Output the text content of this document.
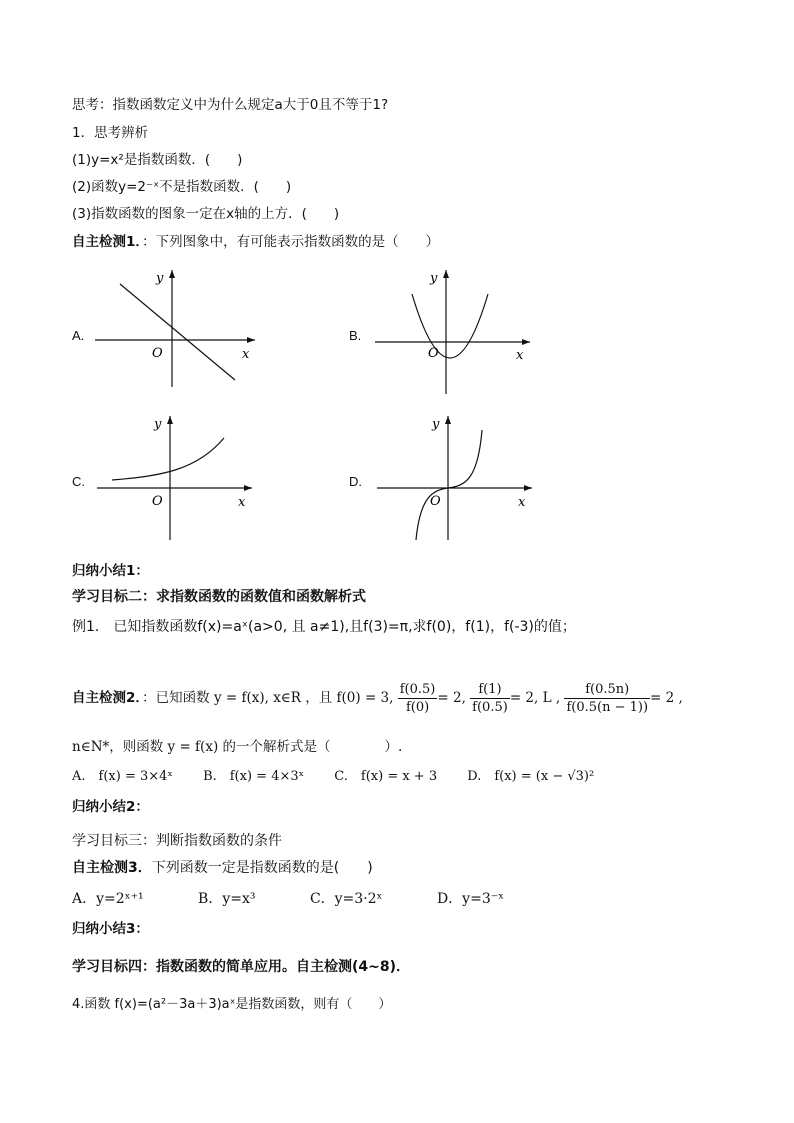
思考：指数函数定义中为什么规定a大于0且不等于1?
1．思考辨析
(1)y=x²是指数函数．(　　)
(2)函数y=2⁻ˣ不是指数函数．(　　)
(3)指数函数的图象一定在x轴的上方．(　　)
自主检测1．：下列图象中，有可能表示指数函数的是（　　）
A.
y
x
O
B.
y
x
O
C.
y
x
O
D.
y
x
O
归纳小结1：
学习目标二：求指数函数的函数值和函数解析式
例1.　已知指数函数f(x)=aˣ(a>0, 且 a≠1),且f(3)=π,求f(0)，f(1)，f(-3)的值；
自主检测2．：已知函数 y = f(x), x∈R ，且 f(0) = 3, $\frac{f(0.5)}{f(0)} = 2$, $\frac{f(1)}{f(0.5)} = 2$, L , $\frac{f(0.5n)}{f(0.5(n - 1))} = 2$ ,
n∈N*，则函数 y = f(x) 的一个解析式是（　　　　）.
A.　f(x) = 3×4ˣ B.　f(x) = 4×3ˣ C.　f(x) = x + 3 D.　f(x) = (x − √3)²
归纳小结2：
学习目标三：判断指数函数的条件
自主检测3．下列函数一定是指数函数的是(　　)
A．y=2ˣ⁺¹	B．y=x³	C．y=3·2ˣ	D．y=3⁻ˣ
归纳小结3：
学习目标四：指数函数的简单应用。自主检测(4~8)．
4.函数 f(x)=(a²－3a＋3)aˣ是指数函数，则有（　　）
